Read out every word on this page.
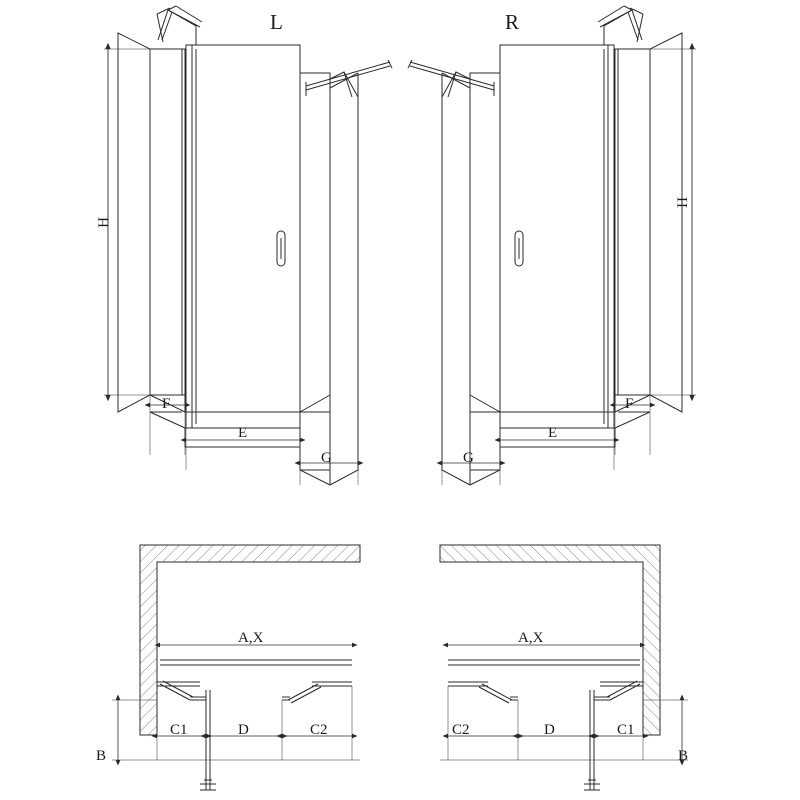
L	R
H
F
E
G
H
F
E
G
A,X
C1	D	C2
B
A,X
C2	D	C1
B
